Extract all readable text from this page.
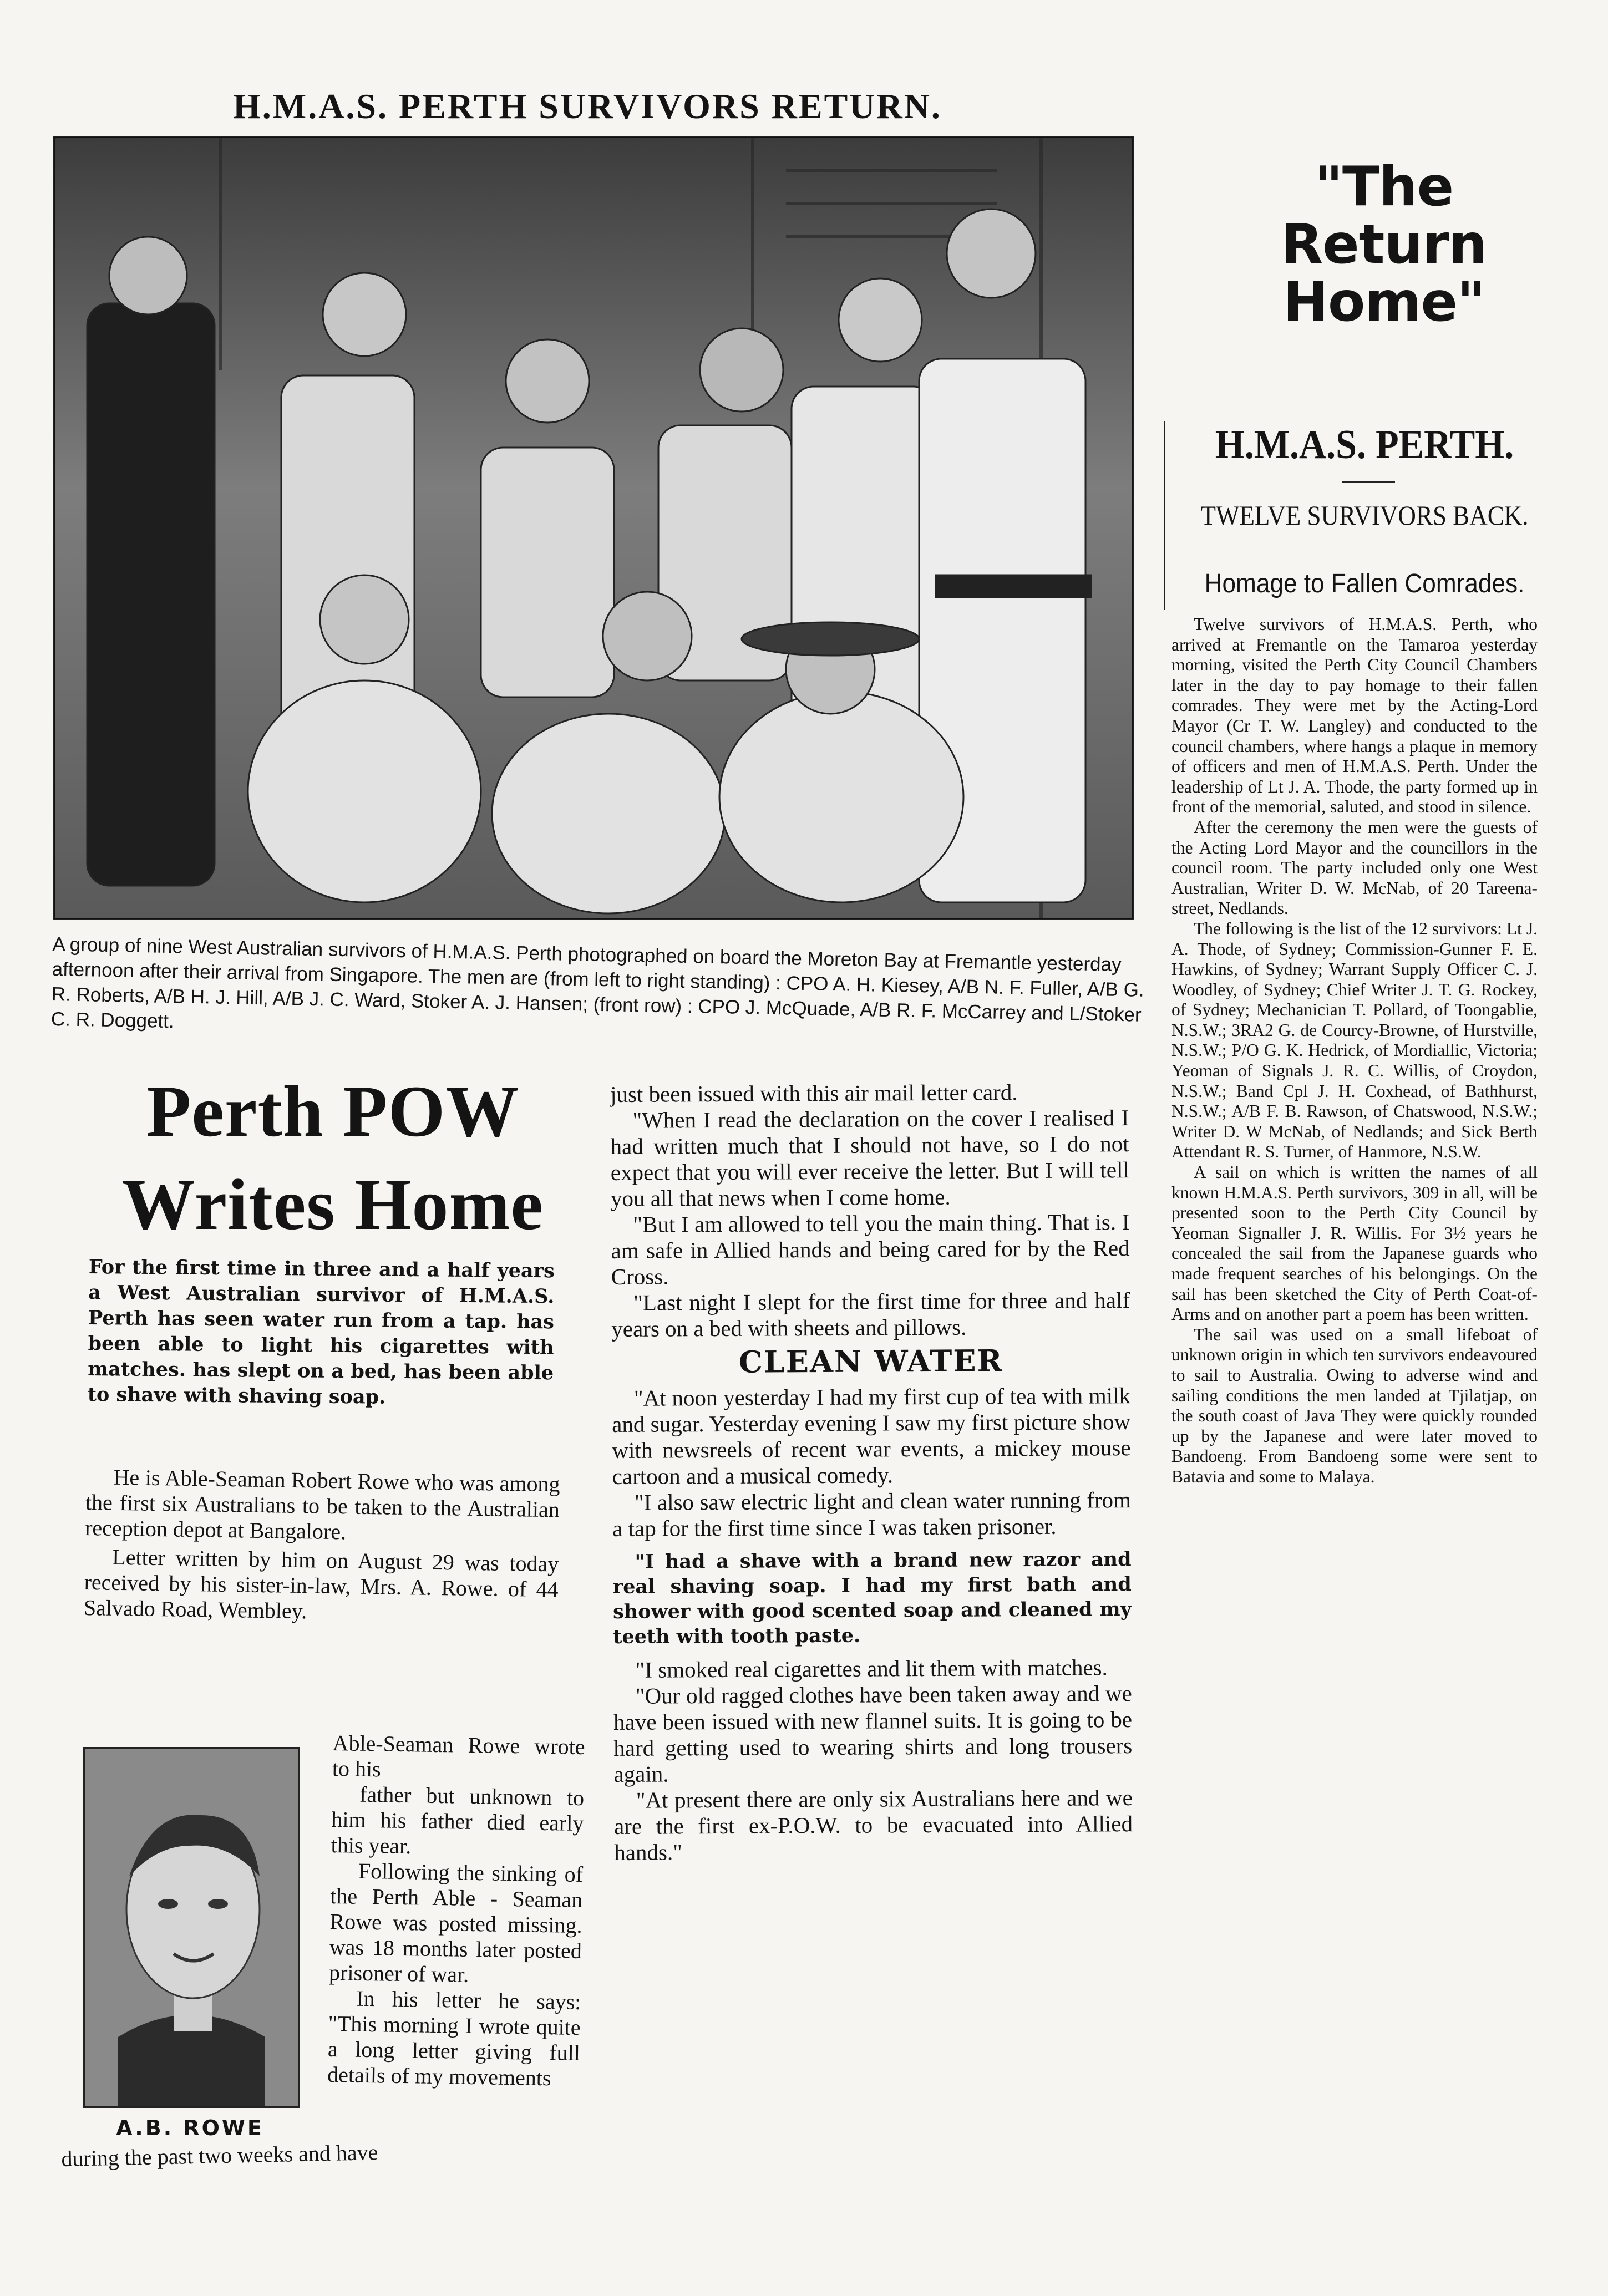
H.M.A.S. PERTH SURVIVORS RETURN.
A group of nine West Australian survivors of H.M.A.S. Perth photographed on board the Moreton Bay at Fremantle yesterday afternoon after their arrival from Singapore. The men are (from left to right standing) : CPO A. H. Kiesey, A/B N. F. Fuller, A/B G. R. Roberts, A/B H. J. Hill, A/B J. C. Ward, Stoker A. J. Hansen; (front row) : CPO J. McQuade, A/B R. F. McCarrey and L/Stoker C. R. Doggett.
"The Return Home"
H.M.A.S. PERTH.
TWELVE SURVIVORS BACK.
Homage to Fallen Comrades.

Twelve survivors of H.M.A.S. Perth, who arrived at Fremantle on the Tamaroa yesterday morning, visited the Perth City Council Chambers later in the day to pay homage to their fallen comrades. They were met by the Acting-Lord Mayor (Cr T. W. Langley) and conducted to the council chambers, where hangs a plaque in memory of officers and men of H.M.A.S. Perth. Under the leadership of Lt J. A. Thode, the party formed up in front of the memorial, saluted, and stood in silence.

After the ceremony the men were the guests of the Acting Lord Mayor and the councillors in the council room. The party included only one West Australian, Writer D. W. McNab, of 20 Tareena-street, Nedlands.

The following is the list of the 12 survivors: Lt J. A. Thode, of Sydney; Commission-Gunner F. E. Hawkins, of Sydney; Warrant Supply Officer C. J. Woodley, of Sydney; Chief Writer J. T. G. Rockey, of Sydney; Mechanician T. Pollard, of Toongablie, N.S.W.; 3RA2 G. de Courcy-Browne, of Hurstville, N.S.W.; P/O G. K. Hedrick, of Mordiallic, Victoria; Yeoman of Signals J. R. C. Willis, of Croydon, N.S.W.; Band Cpl J. H. Coxhead, of Bathhurst, N.S.W.; A/B F. B. Rawson, of Chatswood, N.S.W.; Writer D. W McNab, of Nedlands; and Sick Berth Attendant R. S. Turner, of Hanmore, N.S.W.

A sail on which is written the names of all known H.M.A.S. Perth survivors, 309 in all, will be presented soon to the Perth City Council by Yeoman Signaller J. R. Willis. For 3½ years he concealed the sail from the Japanese guards who made frequent searches of his belongings. On the sail has been sketched the City of Perth Coat-of-Arms and on another part a poem has been written.

The sail was used on a small lifeboat of unknown origin in which ten survivors endeavoured to sail to Australia. Owing to adverse wind and sailing conditions the men landed at Tjilatjap, on the south coast of Java They were quickly rounded up by the Japanese and were later moved to Bandoeng. From Bandoeng some were sent to Batavia and some to Malaya.

Perth POW
Writes Home
For the first time in three and a half years a West Australian survivor of H.M.A.S. Perth has seen water run from a tap. has been able to light his cigarettes with matches. has slept on a bed, has been able to shave with shaving soap.

He is Able-Seaman Robert Rowe who was among the first six Australians to be taken to the Australian reception depot at Bangalore.

Letter written by him on August 29 was today received by his sister-in-law, Mrs. A. Rowe. of 44 Salvado Road, Wembley.

A.B. ROWE

Able-Seaman Rowe wrote to his

father but unknown to him his father died early this year.

Following the sinking of the Perth Able - Seaman Rowe was posted missing. was 18 months later posted prisoner of war.

In his letter he says: "This morning I wrote quite a long letter giving full details of my movements

during the past two weeks and have

just been issued with this air mail letter card.

"When I read the declaration on the cover I realised I had written much that I should not have, so I do not expect that you will ever receive the letter. But I will tell you all that news when I come home.

"But I am allowed to tell you the main thing. That is. I am safe in Allied hands and being cared for by the Red Cross.

"Last night I slept for the first time for three and half years on a bed with sheets and pillows.

CLEAN WATER

"At noon yesterday I had my first cup of tea with milk and sugar. Yesterday evening I saw my first picture show with newsreels of recent war events, a mickey mouse cartoon and a musical comedy.

"I also saw electric light and clean water running from a tap for the first time since I was taken prisoner.

"I had a shave with a brand new razor and real shaving soap. I had my first bath and shower with good scented soap and cleaned my teeth with tooth paste.

"I smoked real cigarettes and lit them with matches.

"Our old ragged clothes have been taken away and we have been issued with new flannel suits. It is going to be hard getting used to wearing shirts and long trousers again.

"At present there are only six Australians here and we are the first ex-P.O.W. to be evacuated into Allied hands."
